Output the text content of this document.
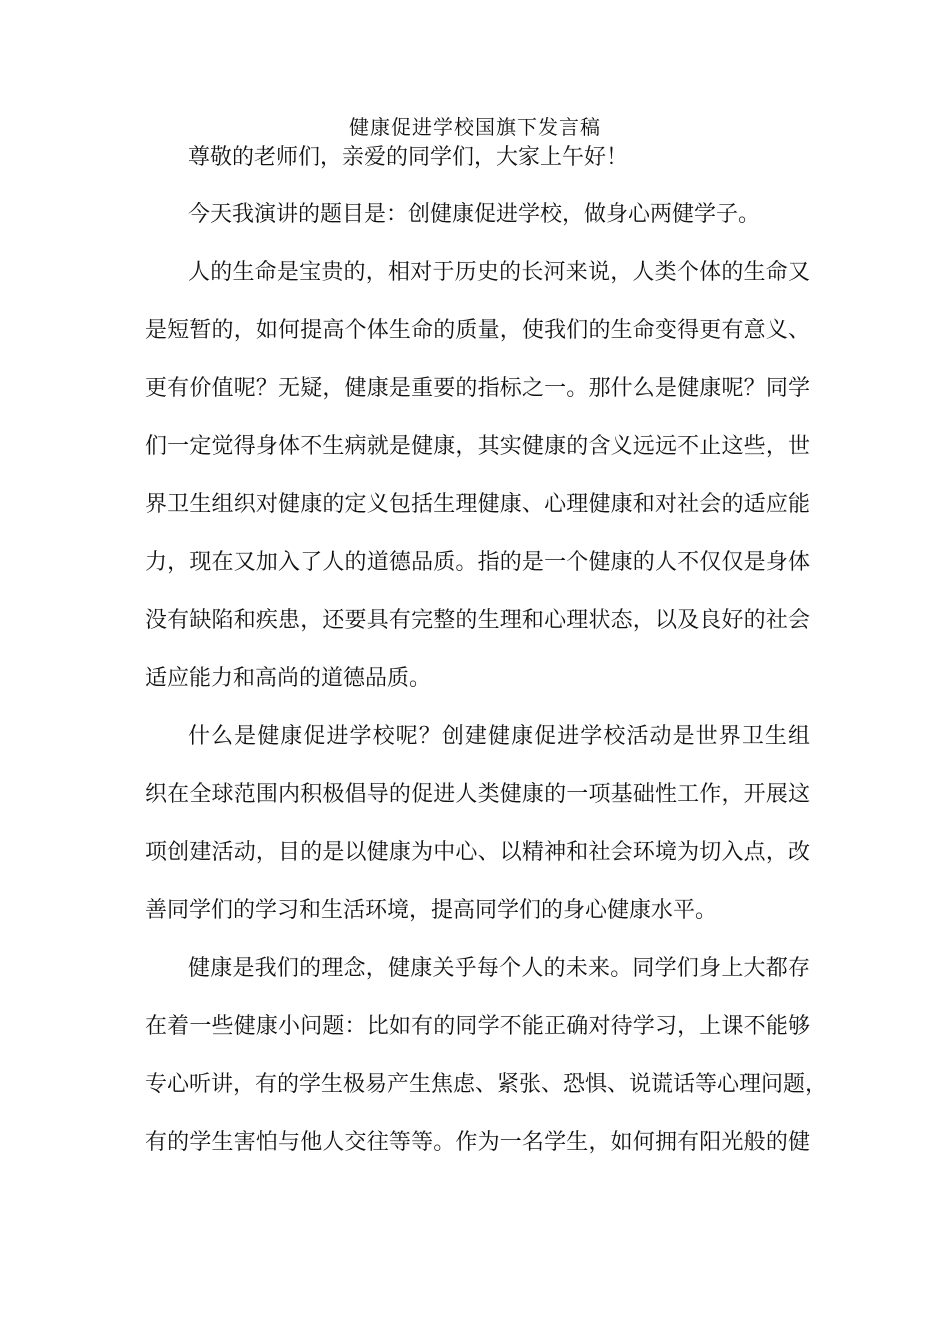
健康促进学校国旗下发言稿
尊敬的老师们，亲爱的同学们，大家上午好！
今天我演讲的题目是：创健康促进学校，做身心两健学子。
人的生命是宝贵的，相对于历史的长河来说，人类个体的生命又
是短暂的，如何提高个体生命的质量，使我们的生命变得更有意义、
更有价值呢？无疑，健康是重要的指标之一。那什么是健康呢？同学
们一定觉得身体不生病就是健康，其实健康的含义远远不止这些，世
界卫生组织对健康的定义包括生理健康、心理健康和对社会的适应能
力，现在又加入了人的道德品质。指的是一个健康的人不仅仅是身体
没有缺陷和疾患，还要具有完整的生理和心理状态，以及良好的社会
适应能力和高尚的道德品质。
什么是健康促进学校呢？创建健康促进学校活动是世界卫生组
织在全球范围内积极倡导的促进人类健康的一项基础性工作，开展这
项创建活动，目的是以健康为中心、以精神和社会环境为切入点，改
善同学们的学习和生活环境，提高同学们的身心健康水平。
健康是我们的理念，健康关乎每个人的未来。同学们身上大都存
在着一些健康小问题：比如有的同学不能正确对待学习，上课不能够
专心听讲，有的学生极易产生焦虑、紧张、恐惧、说谎话等心理问题，
有的学生害怕与他人交往等等。作为一名学生，如何拥有阳光般的健
